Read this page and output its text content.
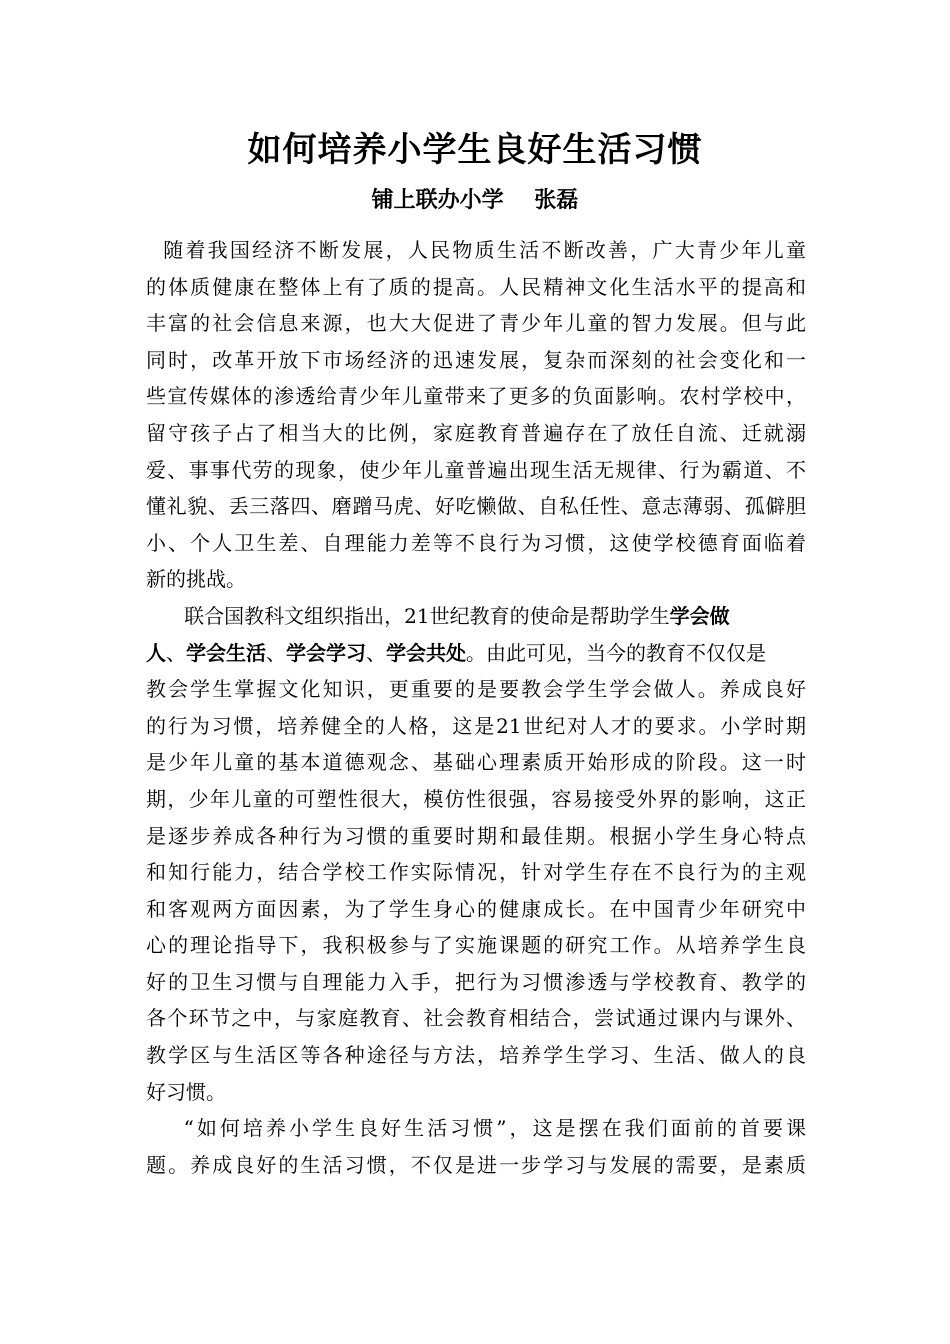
如何培养小学生良好生活习惯
铺上联办小学    张磊
随着我国经济不断发展，人民物质生活不断改善，广大青少年儿童
的体质健康在整体上有了质的提高。人民精神文化生活水平的提高和
丰富的社会信息来源，也大大促进了青少年儿童的智力发展。但与此
同时，改革开放下市场经济的迅速发展，复杂而深刻的社会变化和一
些宣传媒体的渗透给青少年儿童带来了更多的负面影响。农村学校中，
留守孩子占了相当大的比例，家庭教育普遍存在了放任自流、迁就溺
爱、事事代劳的现象，使少年儿童普遍出现生活无规律、行为霸道、不
懂礼貌、丢三落四、磨蹭马虎、好吃懒做、自私任性、意志薄弱、孤僻胆
小、个人卫生差、自理能力差等不良行为习惯，这使学校德育面临着
新的挑战。
联合国教科文组织指出，21世纪教育的使命是帮助学生学会做
人、学会生活、学会学习、学会共处。由此可见，当今的教育不仅仅是
教会学生掌握文化知识，更重要的是要教会学生学会做人。养成良好
的行为习惯，培养健全的人格，这是21世纪对人才的要求。小学时期
是少年儿童的基本道德观念、基础心理素质开始形成的阶段。这一时
期，少年儿童的可塑性很大，模仿性很强，容易接受外界的影响，这正
是逐步养成各种行为习惯的重要时期和最佳期。根据小学生身心特点
和知行能力，结合学校工作实际情况，针对学生存在不良行为的主观
和客观两方面因素，为了学生身心的健康成长。在中国青少年研究中
心的理论指导下，我积极参与了实施课题的研究工作。从培养学生良
好的卫生习惯与自理能力入手，把行为习惯渗透与学校教育、教学的
各个环节之中，与家庭教育、社会教育相结合，尝试通过课内与课外、
教学区与生活区等各种途径与方法，培养学生学习、生活、做人的良
好习惯。
“如何培养小学生良好生活习惯”，这是摆在我们面前的首要课
题。养成良好的生活习惯，不仅是进一步学习与发展的需要，是素质
